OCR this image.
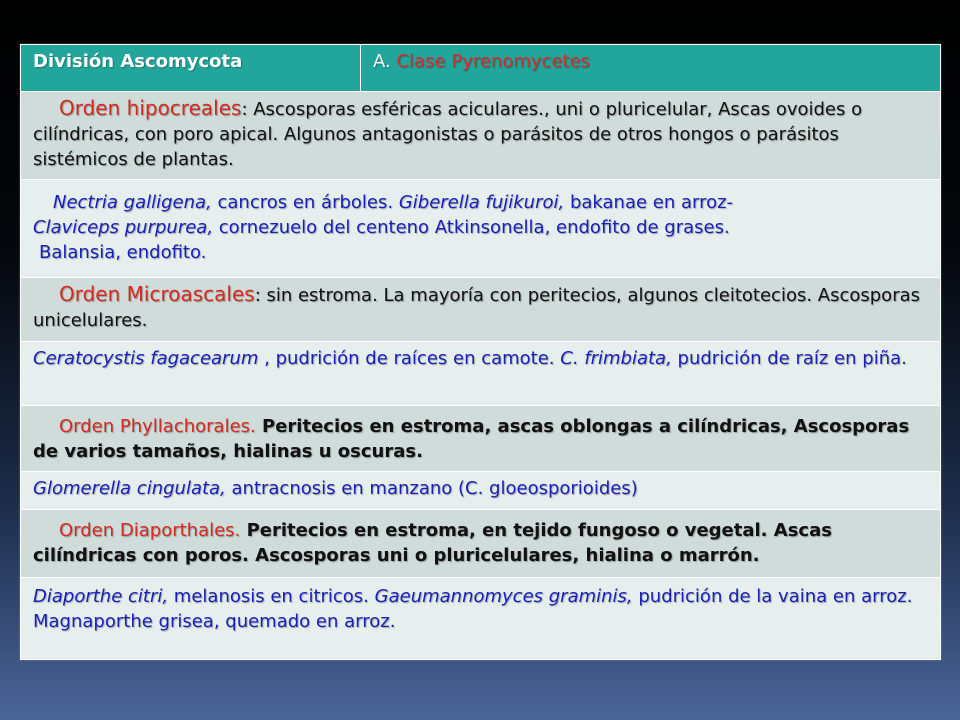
División Ascomycota	A. Clase Pyrenomycetes
Orden hipocreales: Ascosporas esféricas aciculares., uni o pluricelular, Ascas ovoides o cilíndricas, con poro apical. Algunos antagonistas o parásitos de otros hongos o parásitos sistémicos de plantas.
Nectria galligena, cancros en árboles. Giberella fujikuroi, bakanae en arroz-
Claviceps purpurea, cornezuelo del centeno Atkinsonella, endofito de grases.
Balansia, endofito.
Orden Microascales: sin estroma. La mayoría con peritecios, algunos cleitotecios. Ascosporas unicelulares.
Ceratocystis fagacearum , pudrición de raíces en camote. C. frimbiata, pudrición de raíz en piña.
Orden Phyllachorales. Peritecios en estroma, ascas oblongas a cilíndricas, Ascosporas de varios tamaños, hialinas u oscuras.
Glomerella cingulata, antracnosis en manzano (C. gloeosporioides)
Orden Diaporthales. Peritecios en estroma, en tejido fungoso o vegetal. Ascas cilíndricas con poros. Ascosporas uni o pluricelulares, hialina o marrón.
Diaporthe citri, melanosis en citricos. Gaeumannomyces graminis, pudrición de la vaina en arroz. Magnaporthe grisea, quemado en arroz.
